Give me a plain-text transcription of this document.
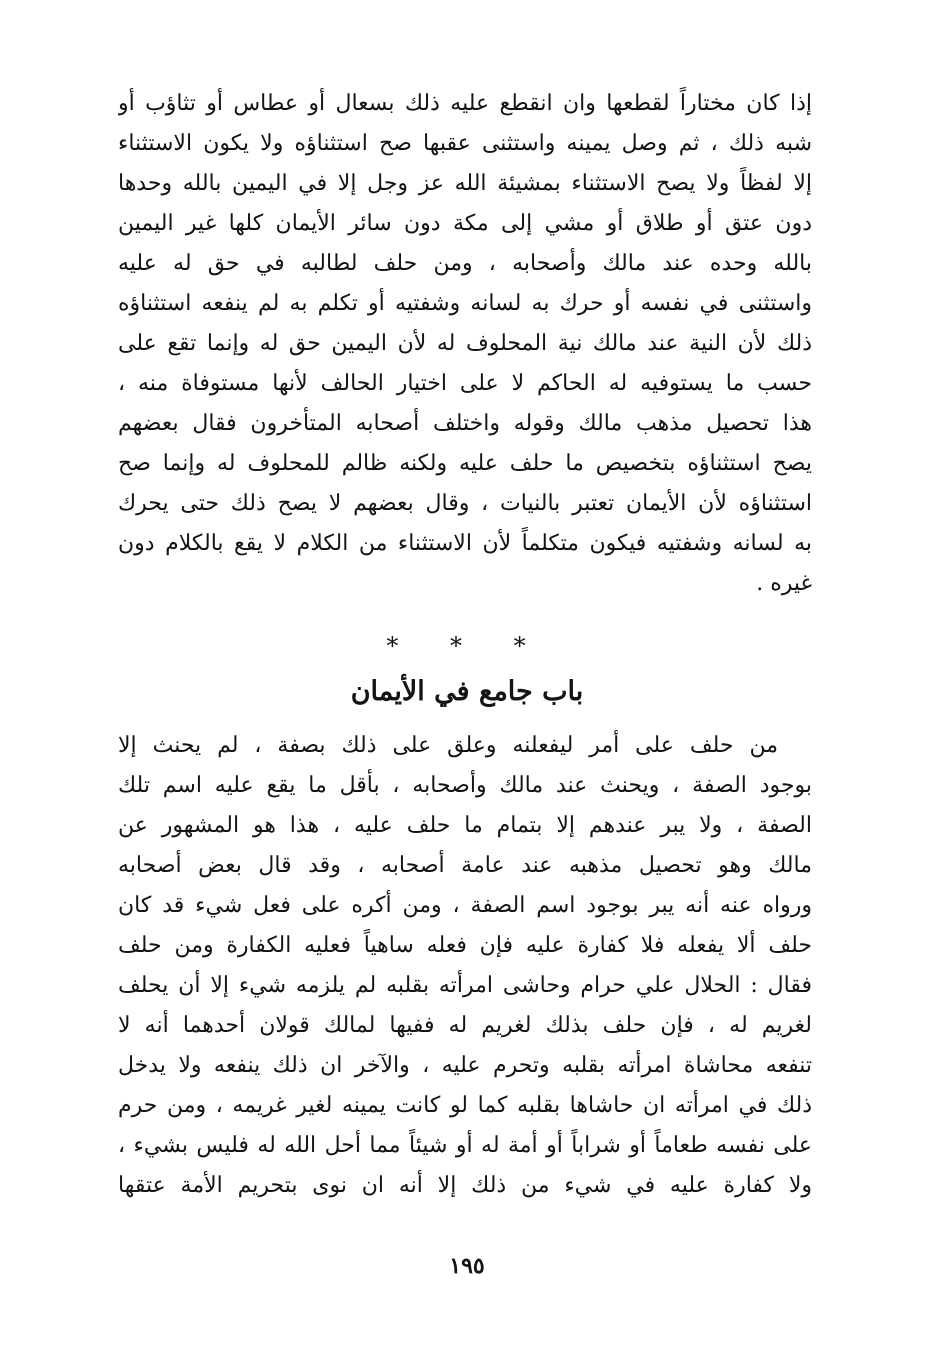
إذا كان مختاراً لقطعها وان انقطع عليه ذلك بسعال أو عطاس أو تثاؤب أو
شبه ذلك ، ثم وصل يمينه واستثنى عقبها صح استثناؤه ولا يكون الاستثناء
إلا لفظاً ولا يصح الاستثناء بمشيئة الله عز وجل إلا في اليمين بالله وحدها
دون عتق أو طلاق أو مشي إلى مكة دون سائر الأيمان كلها غير اليمين
بالله وحده عند مالك وأصحابه ، ومن حلف لطالبه في حق له عليه
واستثنى في نفسه أو حرك به لسانه وشفتيه أو تكلم به لم ينفعه استثناؤه
ذلك لأن النية عند مالك نية المحلوف له لأن اليمين حق له وإنما تقع على
حسب ما يستوفيه له الحاكم لا على اختيار الحالف لأنها مستوفاة منه ،
هذا تحصيل مذهب مالك وقوله واختلف أصحابه المتأخرون فقال بعضهم
يصح استثناؤه بتخصيص ما حلف عليه ولكنه ظالم للمحلوف له وإنما صح
استثناؤه لأن الأيمان تعتبر بالنيات ، وقال بعضهم لا يصح ذلك حتى يحرك
به لسانه وشفتيه فيكون متكلماً لأن الاستثناء من الكلام لا يقع بالكلام دون
غيره .
* * *
باب جامع في الأيمان
من حلف على أمر ليفعلنه وعلق على ذلك بصفة ، لم يحنث إلا
بوجود الصفة ، ويحنث عند مالك وأصحابه ، بأقل ما يقع عليه اسم تلك
الصفة ، ولا يبر عندهم إلا بتمام ما حلف عليه ، هذا هو المشهور عن
مالك وهو تحصيل مذهبه عند عامة أصحابه ، وقد قال بعض أصحابه
ورواه عنه أنه يبر بوجود اسم الصفة ، ومن أكره على فعل شيء قد كان
حلف ألا يفعله فلا كفارة عليه فإن فعله ساهياً فعليه الكفارة ومن حلف
فقال : الحلال علي حرام وحاشى امرأته بقلبه لم يلزمه شيء إلا أن يحلف
لغريم له ، فإن حلف بذلك لغريم له ففيها لمالك قولان أحدهما أنه لا
تنفعه محاشاة امرأته بقلبه وتحرم عليه ، والآخر ان ذلك ينفعه ولا يدخل
ذلك في امرأته ان حاشاها بقلبه كما لو كانت يمينه لغير غريمه ، ومن حرم
على نفسه طعاماً أو شراباً أو أمة له أو شيئاً مما أحل الله له فليس بشيء ،
ولا كفارة عليه في شيء من ذلك إلا أنه ان نوى بتحريم الأمة عتقها
١٩٥
